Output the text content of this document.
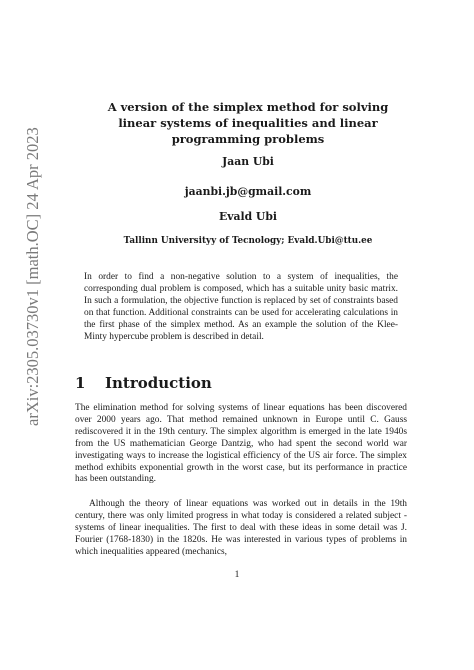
arXiv:2305.03730v1 [math.OC] 24 Apr 2023
A version of the simplex method for solving linear systems of inequalities and linear programming problems
Jaan Ubi
jaanbi.jb@gmail.com
Evald Ubi
Tallinn Universityy of Tecnology; Evald.Ubi@ttu.ee
In order to find a non-negative solution to a system of inequalities, the corresponding dual problem is composed, which has a suitable unity basic matrix. In such a formulation, the objective function is replaced by set of constraints based on that function. Additional constraints can be used for accelerating calculations in the first phase of the simplex method. As an example the solution of the Klee-Minty hypercube problem is described in detail.
1 Introduction
The elimination method for solving systems of linear equations has been discovered over 2000 years ago. That method remained unknown in Europe until C. Gauss rediscovered it in the 19th century. The simplex algorithm is emerged in the late 1940s from the US mathematician George Dantzig, who had spent the second world war investigating ways to increase the logistical efficiency of the US air force. The simplex method exhibits exponential growth in the worst case, but its performance in practice has been outstanding.
Although the theory of linear equations was worked out in details in the 19th century, there was only limited progress in what today is considered a related subject - systems of linear inequalities. The first to deal with these ideas in some detail was J. Fourier (1768-1830) in the 1820s. He was interested in various types of problems in which inequalities appeared (mechanics,
1
